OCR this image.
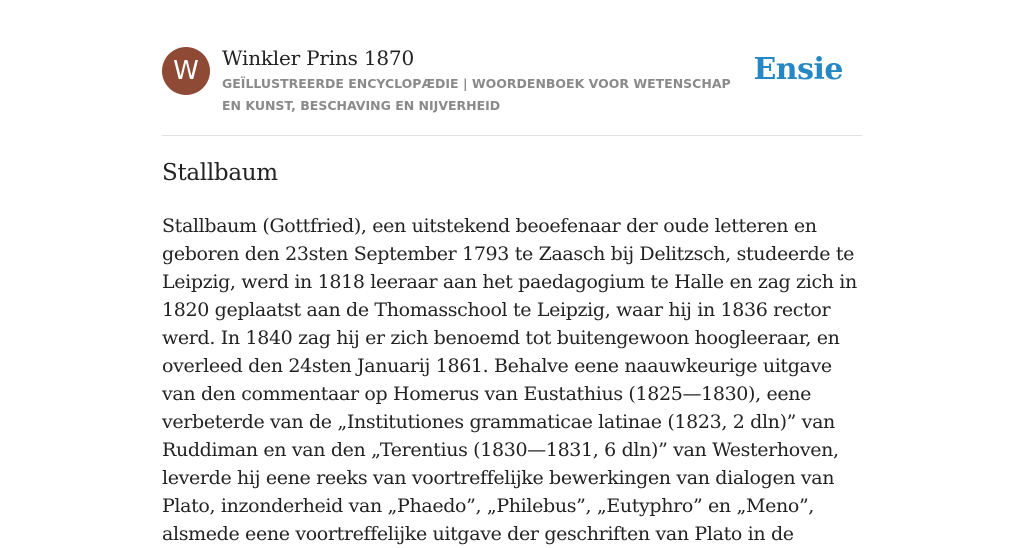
W	Winkler Prins 1870
GEÏLLUSTREERDE ENCYCLOPÆDIE | WOORDENBOEK VOOR WETENSCHAP EN KUNST, BESCHAVING EN NIJVERHEID
Ensie
Stallbaum

Stallbaum (Gottfried), een uitstekend beoefenaar der oude letteren en geboren den 23sten September 1793 te Zaasch bij Delitzsch, studeerde te Leipzig, werd in 1818 leeraar aan het paedagogium te Halle en zag zich in 1820 geplaatst aan de Thomasschool te Leipzig, waar hij in 1836 rector werd. In 1840 zag hij er zich benoemd tot buitengewoon hoogleeraar, en overleed den 24sten Januarij 1861. Behalve eene naauwkeurige uitgave van den commentaar op Homerus van Eustathius (1825—1830), eene verbeterde van de „Institutiones grammaticae latinae (1823, 2 dln)” van Ruddiman en van den „Terentius (1830—1831, 6 dln)” van Westerhoven, leverde hij eene reeks van voortreffelijke bewerkingen van dialogen van Plato, inzonderheid van „Phaedo”, „Philebus”, „Eutyphro” en „Meno”, alsmede eene voortreffelijke uitgave der geschriften van Plato in de
